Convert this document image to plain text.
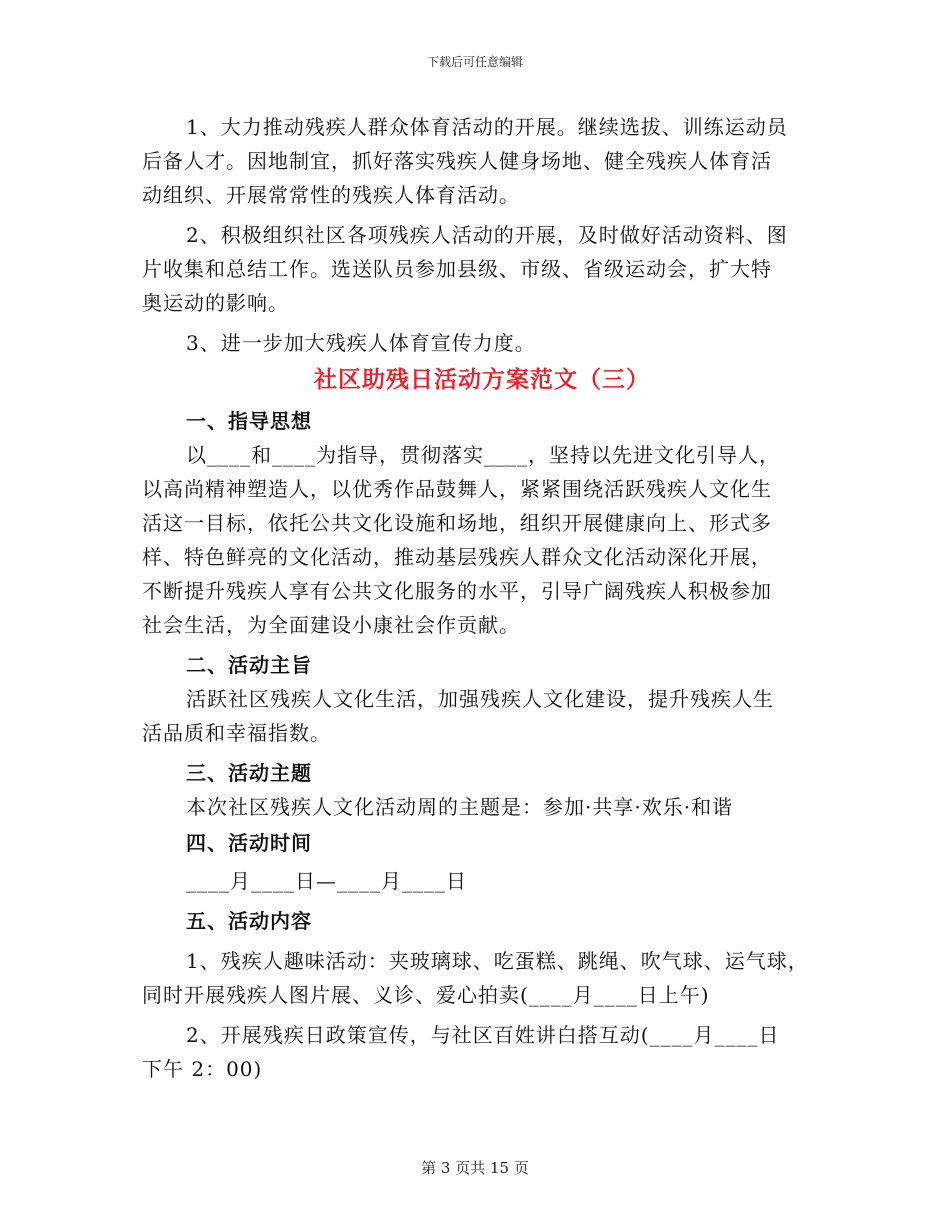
下载后可任意编辑
1、大力推动残疾人群众体育活动的开展。继续选拔、训练运动员
后备人才。因地制宜，抓好落实残疾人健身场地、健全残疾人体育活
动组织、开展常常性的残疾人体育活动。
2、积极组织社区各项残疾人活动的开展，及时做好活动资料、图
片收集和总结工作。选送队员参加县级、市级、省级运动会，扩大特
奥运动的影响。
3、进一步加大残疾人体育宣传力度。
社区助残日活动方案范文（三）
一、指导思想
以____和____为指导，贯彻落实____，坚持以先进文化引导人，
以高尚精神塑造人，以优秀作品鼓舞人，紧紧围绕活跃残疾人文化生
活这一目标，依托公共文化设施和场地，组织开展健康向上、形式多
样、特色鲜亮的文化活动，推动基层残疾人群众文化活动深化开展，
不断提升残疾人享有公共文化服务的水平，引导广阔残疾人积极参加
社会生活，为全面建设小康社会作贡献。
二、活动主旨
活跃社区残疾人文化生活，加强残疾人文化建设，提升残疾人生
活品质和幸福指数。
三、活动主题
本次社区残疾人文化活动周的主题是：参加·共享·欢乐·和谐
四、活动时间
____月____日—____月____日
五、活动内容
1、残疾人趣味活动：夹玻璃球、吃蛋糕、跳绳、吹气球、运气球，
同时开展残疾人图片展、义诊、爱心拍卖(____月____日上午)
2、开展残疾日政策宣传，与社区百姓讲白搭互动(____月____日
下午 2：00)
第 3 页共 15 页
